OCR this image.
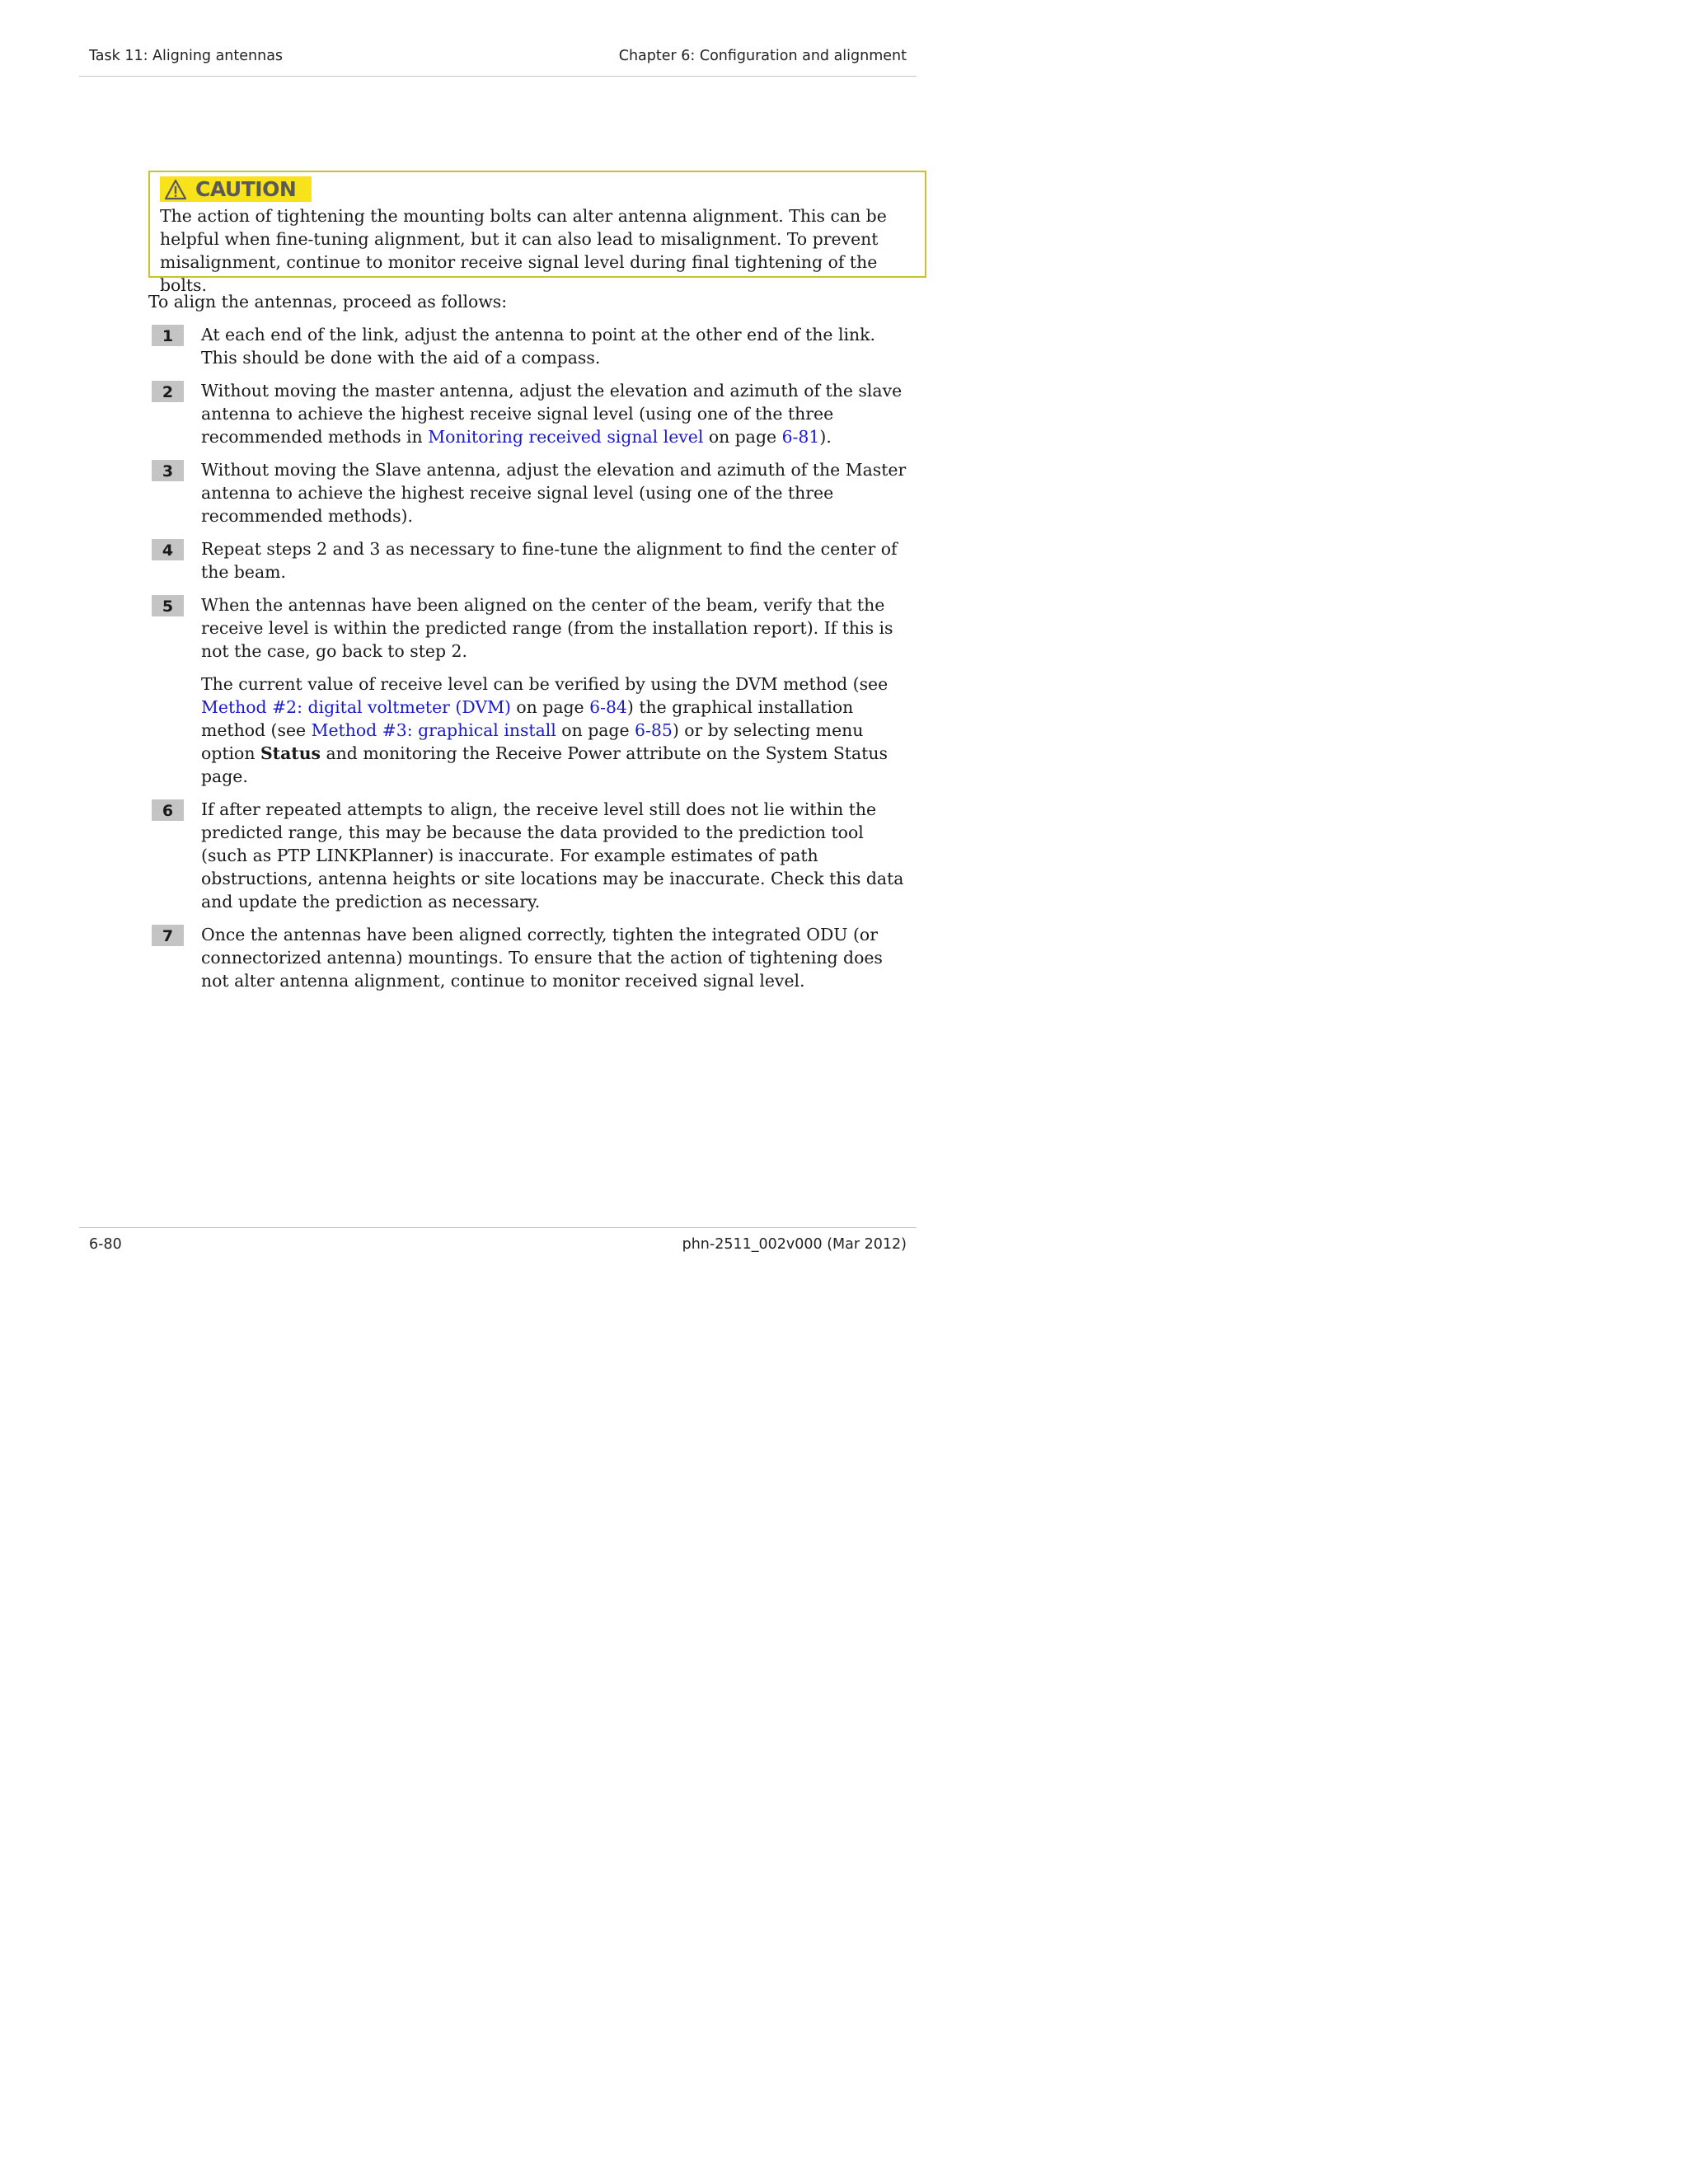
Task 11: Aligning antennas	Chapter 6: Configuration and alignment
CAUTION
The action of tightening the mounting bolts can alter antenna alignment. This can be helpful when fine-tuning alignment, but it can also lead to misalignment. To prevent misalignment, continue to monitor receive signal level during final tightening of the bolts.
To align the antennas, proceed as follows:
1	At each end of the link, adjust the antenna to point at the other end of the link. This should be done with the aid of a compass.
2	Without moving the master antenna, adjust the elevation and azimuth of the slave antenna to achieve the highest receive signal level (using one of the three recommended methods in Monitoring received signal level on page 6-81).
3	Without moving the Slave antenna, adjust the elevation and azimuth of the Master antenna to achieve the highest receive signal level (using one of the three recommended methods).
4	Repeat steps 2 and 3 as necessary to fine-tune the alignment to find the center of the beam.
5	When the antennas have been aligned on the center of the beam, verify that the receive level is within the predicted range (from the installation report). If this is not the case, go back to step 2.

The current value of receive level can be verified by using the DVM method (see Method #2: digital voltmeter (DVM) on page 6-84) the graphical installation method (see Method #3: graphical install on page 6-85) or by selecting menu option Status and monitoring the Receive Power attribute on the System Status page.

6	If after repeated attempts to align, the receive level still does not lie within the predicted range, this may be because the data provided to the prediction tool (such as PTP LINKPlanner) is inaccurate. For example estimates of path obstructions, antenna heights or site locations may be inaccurate. Check this data and update the prediction as necessary.
7	Once the antennas have been aligned correctly, tighten the integrated ODU (or connectorized antenna) mountings. To ensure that the action of tightening does not alter antenna alignment, continue to monitor received signal level.
6-80	phn-2511_002v000 (Mar 2012)
